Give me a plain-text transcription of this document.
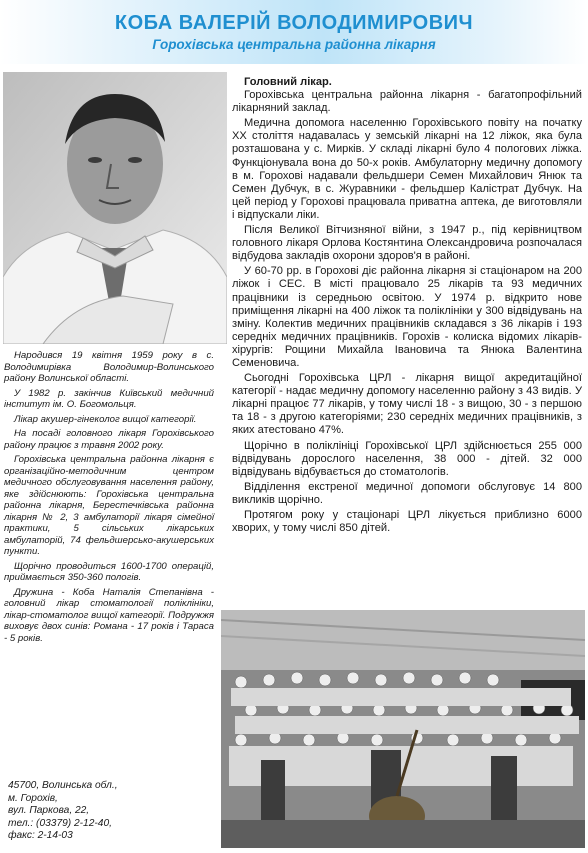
КОБА ВАЛЕРІЙ ВОЛОДИМИРОВИЧ
Горохівська центральна районна лікарня

Народився 19 квітня 1959 року в с. Володимирівка Володимир-Волинського району Волинської області.

У 1982 р. закінчив Київський медичний інститут ім. О. Богомольця.

Лікар акушер-гінеколог вищої категорії.

На посаді головного лікаря Горохівського району працює з травня 2002 року.

Горохівська центральна районна лікарня є організаційно-методичним центром медичного обслуговування населення району, яке здійснюють: Горохівська центральна районна лікарня, Берестечківська районна лікарня № 2, 3 амбулаторії лікаря сімейної практики, 5 сільських лікарських амбулаторій, 74 фельдшерсько-акушерських пункти.

Щорічно проводиться 1600-1700 операцій, приймається 350-360 пологів.

Дружина - Коба Наталія Степанівна - головний лікар стоматології поліклініки, лікар-стоматолог вищої категорії. Подружжя виховує двох синів: Романа - 17 років і Тараса - 5 років.

45700, Волинська обл.,
м. Горохів,
вул. Паркова, 22,
тел.: (03379) 2-12-40,
факс: 2-14-03

Головний лікар.

Горохівська центральна районна лікарня - багатопрофільний лікарняний заклад.

Медична допомога населенню Горохівського повіту на початку XX століття надавалась у земській лікарні на 12 ліжок, яка була розташована у с. Мирків. У складі лікарні було 4 пологових ліжка. Функціонувала вона до 50-х років. Амбулаторну медичну допомогу в м. Горохові надавали фельдшери Семен Михайлович Янюк та Семен Дубчук, в с. Журавники - фельдшер Калістрат Дубчук. На цей період у Горохові працювала приватна аптека, де виготовляли і відпускали ліки.

Після Великої Вітчизняної війни, з 1947 р., під керівництвом головного лікаря Орлова Костянтина Олександровича розпочалася відбудова закладів охорони здоров'я в районі.

У 60-70 рр. в Горохові діє районна лікарня зі стаціонаром на 200 ліжок і СЕС. В місті працювало 25 лікарів та 93 медичних працівники із середньою освітою. У 1974 р. відкрито нове приміщення лікарні на 400 ліжок та поліклініки у 300 відвідувань на зміну. Колектив медичних працівників складався з 36 лікарів і 193 середніх медичних працівників. Горохів - колиска відомих лікарів-хірургів: Рощини Михайла Івановича та Янюка Валентина Семеновича.

Сьогодні Горохівська ЦРЛ - лікарня вищої акредитаційної категорії - надає медичну допомогу населенню району з 43 видів. У лікарні працює 77 лікарів, у тому числі 18 - з вищою, 30 - з першою та 18 - з другою категоріями; 230 середніх медичних працівників, з яких атестовано 47%.

Щорічно в поліклініці Горохівської ЦРЛ здійснюється 255 000 відвідувань дорослого населення, 38 000 - дітей. 32 000 відвідувань відбувається до стоматологів.

Відділення екстреної медичної допомоги обслуговує 14 800 викликів щорічно.

Протягом року у стаціонарі ЦРЛ лікується приблизно 6000 хворих, у тому числі 850 дітей.
